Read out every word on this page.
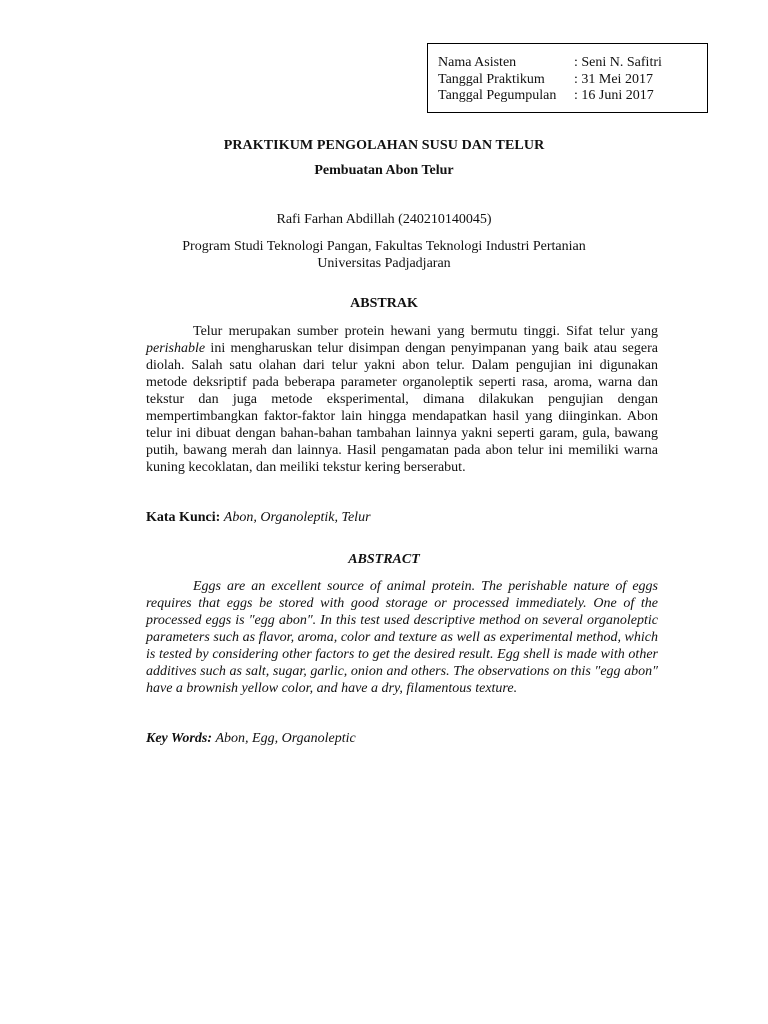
Nama Asisten	: Seni N. Safitri
Tanggal Praktikum	: 31 Mei 2017
Tanggal Pegumpulan	: 16 Juni 2017
PRAKTIKUM PENGOLAHAN SUSU DAN TELUR
Pembuatan Abon Telur
Rafi Farhan Abdillah (240210140045)
Program Studi Teknologi Pangan, Fakultas Teknologi Industri Pertanian
Universitas Padjadjaran
ABSTRAK

Telur merupakan sumber protein hewani yang bermutu tinggi. Sifat telur yang perishable ini mengharuskan telur disimpan dengan penyimpanan yang baik atau segera diolah. Salah satu olahan dari telur yakni abon telur. Dalam pengujian ini digunakan metode deksriptif pada beberapa parameter organoleptik seperti rasa, aroma, warna dan tekstur dan juga metode eksperimental, dimana dilakukan pengujian dengan mempertimbangkan faktor-faktor lain hingga mendapatkan hasil yang diinginkan. Abon telur ini dibuat dengan bahan-bahan tambahan lainnya yakni seperti garam, gula, bawang putih, bawang merah dan lainnya. Hasil pengamatan pada abon telur ini memiliki warna kuning kecoklatan, dan meiliki tekstur kering berserabut.

Kata Kunci: Abon, Organoleptik, Telur
ABSTRACT

Eggs are an excellent source of animal protein. The perishable nature of eggs requires that eggs be stored with good storage or processed immediately. One of the processed eggs is ″egg abon″. In this test used descriptive method on several organoleptic parameters such as flavor, aroma, color and texture as well as experimental method, which is tested by considering other factors to get the desired result. Egg shell is made with other additives such as salt, sugar, garlic, onion and others. The observations on this ″egg abon″ have a brownish yellow color, and have a dry, filamentous texture.

Key Words: Abon, Egg, Organoleptic
